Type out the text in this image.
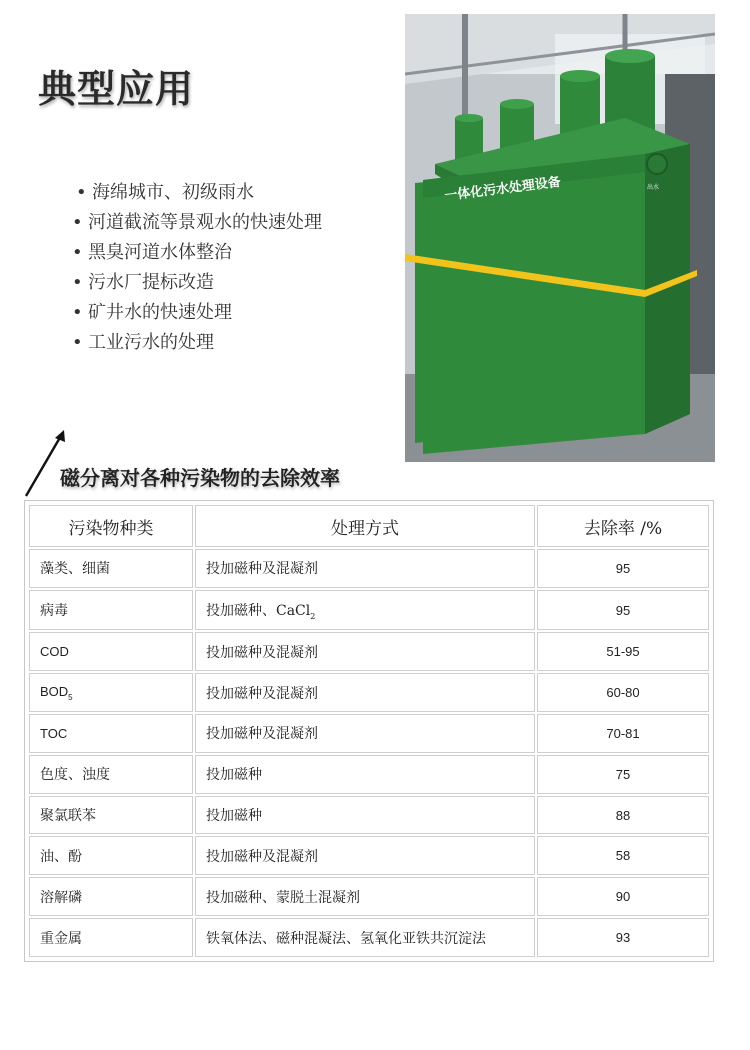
典型应用
• 海绵城市、初级雨水
• 河道截流等景观水的快速处理
• 黑臭河道水体整治
• 污水厂提标改造
• 矿井水的快速处理
• 工业污水的处理
一体化污水处理设备	出水
磁分离对各种污染物的去除效率
污染物种类	处理方式	去除率 /%
藻类、细菌	投加磁种及混凝剂	95
病毒	投加磁种、CaCl$_2$	95
COD	投加磁种及混凝剂	51-95
$BOD_5$	投加磁种及混凝剂	60-80
TOC	投加磁种及混凝剂	70-81
色度、浊度	投加磁种	75
聚氯联苯	投加磁种	88
油、酚	投加磁种及混凝剂	58
溶解磷	投加磁种、蒙脱土混凝剂	90
重金属	铁氧体法、磁种混凝法、氢氧化亚铁共沉淀法	93
